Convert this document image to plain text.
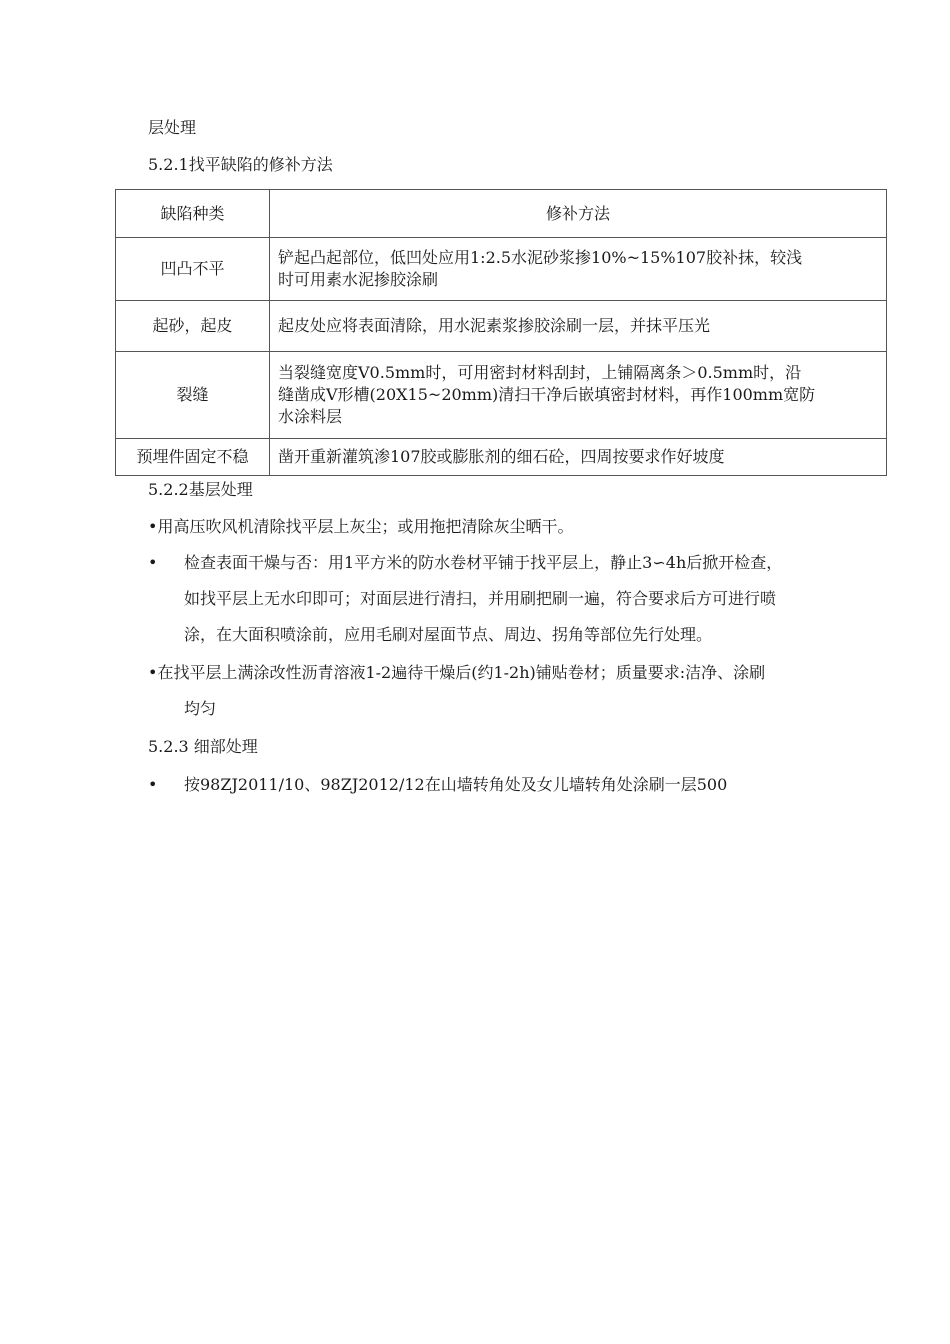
层处理
5.2.1找平缺陷的修补方法
缺陷种类	修补方法
凹凸不平	铲起凸起部位，低凹处应用1:2.5水泥砂浆掺10%~15%107胶补抹，较浅
时可用素水泥掺胶涂刷

起砂，起皮	起皮处应将表面清除，用水泥素浆掺胶涂刷一层，并抹平压光

裂缝	当裂缝宽度V0.5mm时，可用密封材料刮封，上铺隔离条＞0.5mm时，沿
缝凿成V形槽(20X15~20mm)清扫干净后嵌填密封材料，再作100mm宽防
水涂料层

预埋件固定不稳	凿开重新灌筑渗107胶或膨胀剂的细石砼，四周按要求作好坡度
5.2.2基层处理
•用高压吹风机清除找平层上灰尘；或用拖把清除灰尘晒干。
• 检查表面干燥与否：用1平方米的防水卷材平铺于找平层上，静止3∽4h后掀开检查，
如找平层上无水印即可；对面层进行清扫，并用刷把刷一遍，符合要求后方可进行喷
涂，在大面积喷涂前，应用毛刷对屋面节点、周边、拐角等部位先行处理。
•在找平层上满涂改性沥青溶液1-2遍待干燥后(约1-2h)铺贴卷材；质量要求:洁净、涂刷
均匀
5.2.3 细部处理
• 按98ZJ2011/10、98ZJ2012/12在山墙转角处及女儿墙转角处涂刷一层500
